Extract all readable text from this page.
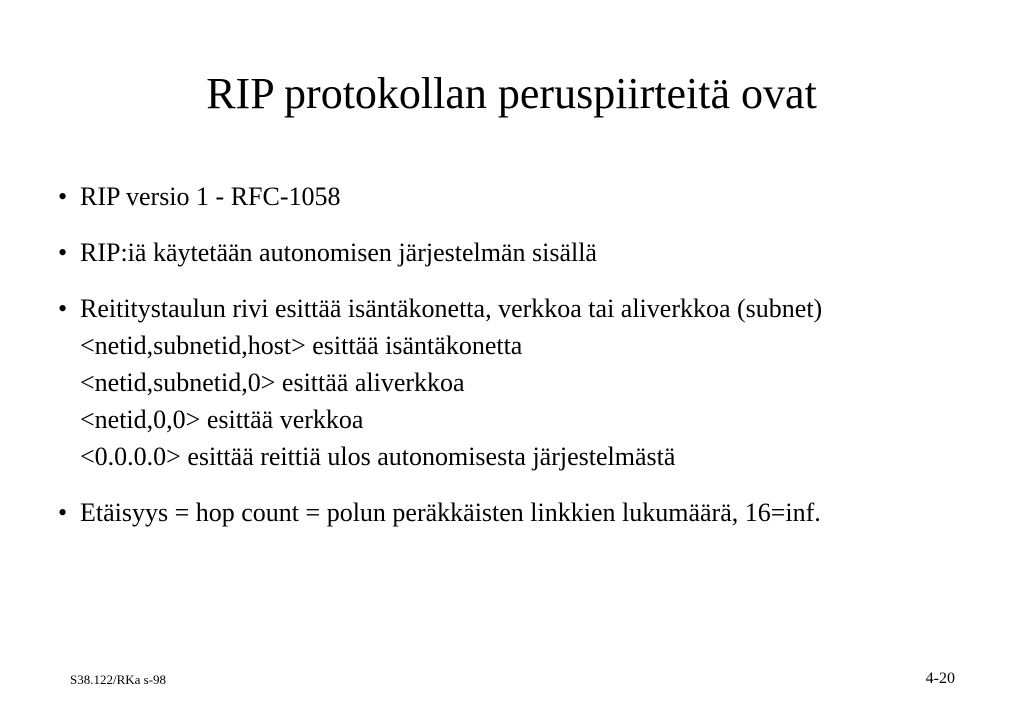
RIP protokollan peruspiirteitä ovat
• RIP versio 1 - RFC-1058
• RIP:iä käytetään autonomisen järjestelmän sisällä
• Reititystaulun rivi esittää isäntäkonetta, verkkoa tai aliverkkoa (subnet)
<netid,subnetid,host> esittää isäntäkonetta
<netid,subnetid,0> esittää aliverkkoa
<netid,0,0> esittää verkkoa
<0.0.0.0> esittää reittiä ulos autonomisesta järjestelmästä
• Etäisyys = hop count = polun peräkkäisten linkkien lukumäärä, 16=inf.
S38.122/RKa s-98	4-20
